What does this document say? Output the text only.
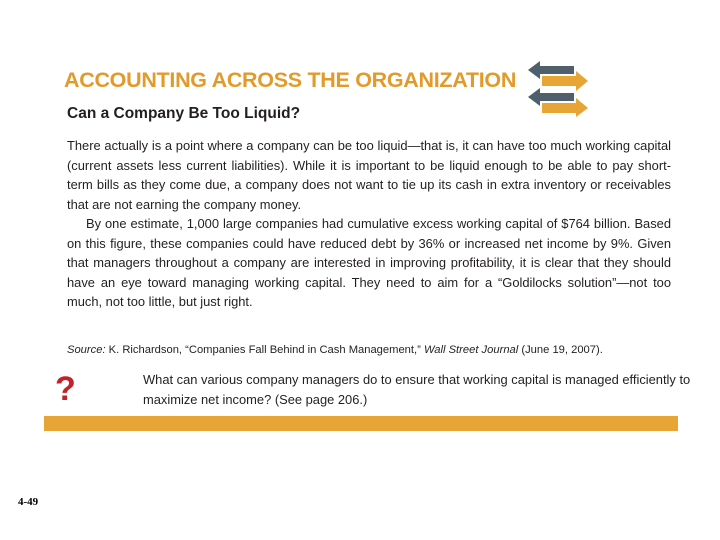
ACCOUNTING ACROSS THE ORGANIZATION
Can a Company Be Too Liquid?

There actually is a point where a company can be too liquid—that is, it can have too much working capital (current assets less current liabilities). While it is important to be liquid enough to be able to pay short-term bills as they come due, a company does not want to tie up its cash in extra inventory or receivables that are not earning the company money.

By one estimate, 1,000 large companies had cumulative excess working capital of $764 billion. Based on this figure, these companies could have reduced debt by 36% or increased net income by 9%. Given that managers throughout a company are interested in improving profitability, it is clear that they should have an eye toward managing working capital. They need to aim for a “Goldilocks solution”—not too much, not too little, but just right.

Source: K. Richardson, “Companies Fall Behind in Cash Management,” Wall Street Journal (June 19, 2007).
?	What can various company managers do to ensure that working capital is managed efficiently to maximize net income? (See page 206.)
4-49
